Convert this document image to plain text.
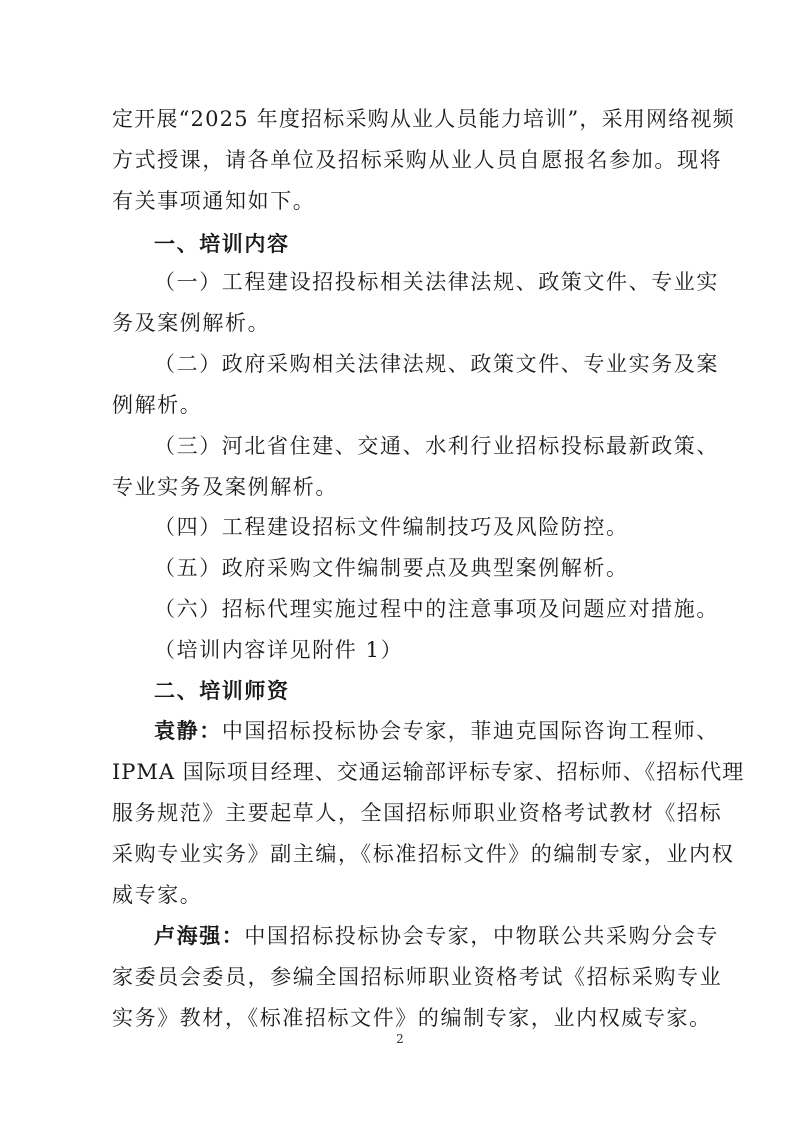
定开展“2025 年度招标采购从业人员能力培训”，采用网络视频
方式授课，请各单位及招标采购从业人员自愿报名参加。现将
有关事项通知如下。
一、培训内容
（一）工程建设招投标相关法律法规、政策文件、专业实
务及案例解析。
（二）政府采购相关法律法规、政策文件、专业实务及案
例解析。
（三）河北省住建、交通、水利行业招标投标最新政策、
专业实务及案例解析。
（四）工程建设招标文件编制技巧及风险防控。
（五）政府采购文件编制要点及典型案例解析。
（六）招标代理实施过程中的注意事项及问题应对措施。
（培训内容详见附件 1）
二、培训师资
袁静：中国招标投标协会专家，菲迪克国际咨询工程师、
IPMA 国际项目经理、交通运输部评标专家、招标师、《招标代理
服务规范》主要起草人，全国招标师职业资格考试教材《招标
采购专业实务》副主编，《标准招标文件》的编制专家，业内权
威专家。
卢海强：中国招标投标协会专家，中物联公共采购分会专
家委员会委员，参编全国招标师职业资格考试《招标采购专业
实务》教材，《标准招标文件》的编制专家，业内权威专家。
2
